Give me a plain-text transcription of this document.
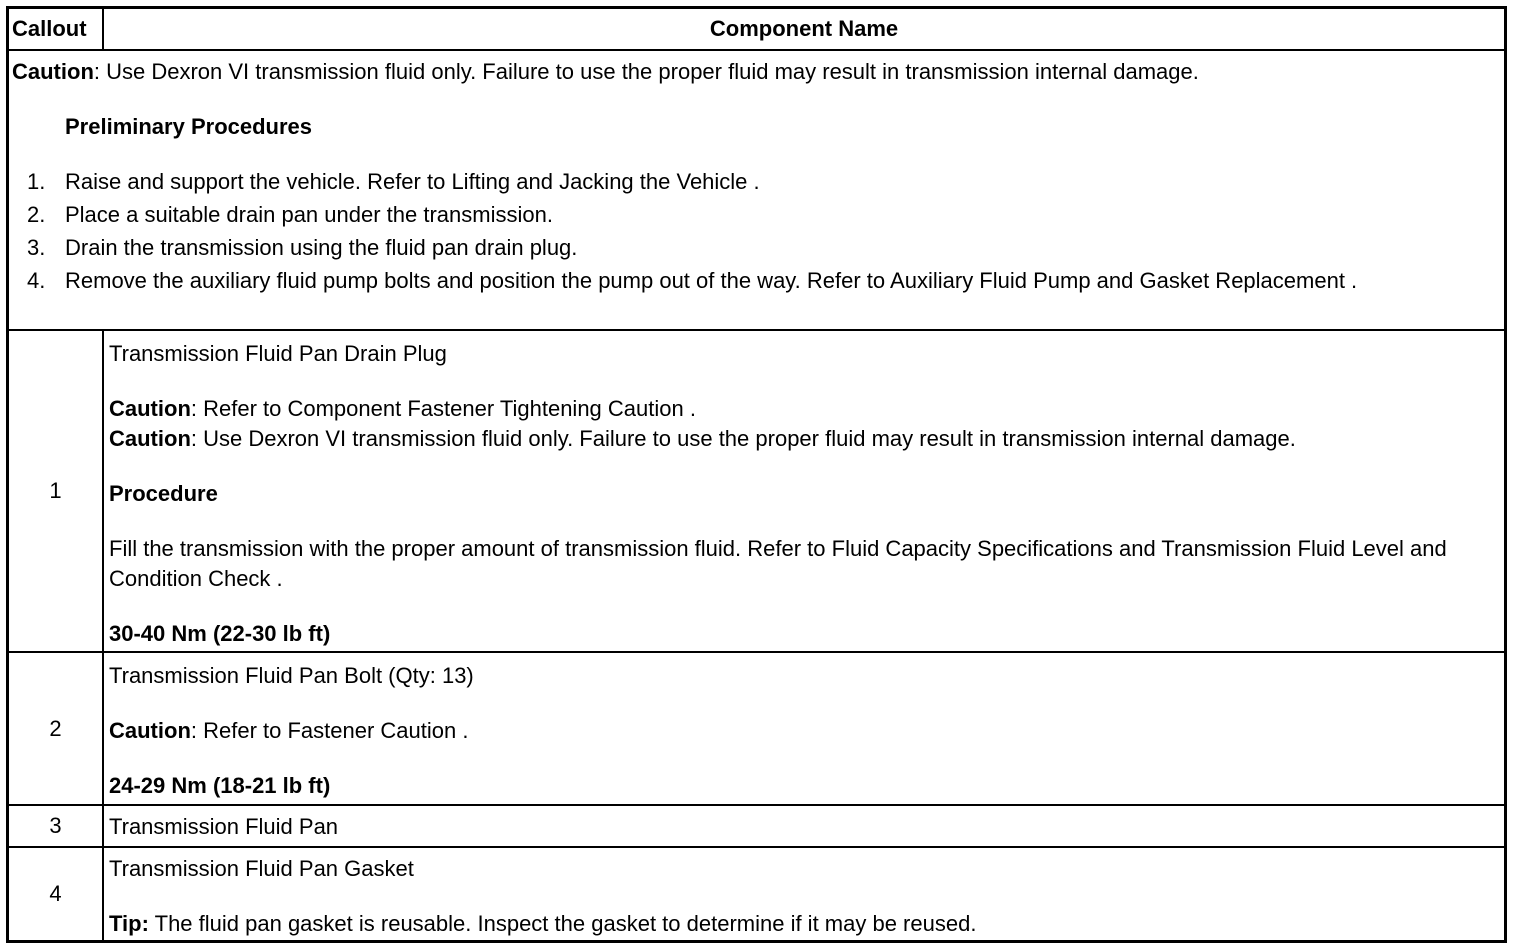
Callout	Component Name

Caution: Use Dexron VI transmission fluid only. Failure to use the proper fluid may result in transmission internal damage.

Preliminary Procedures

1. Raise and support the vehicle. Refer to Lifting and Jacking the Vehicle .
2. Place a suitable drain pan under the transmission.
3. Drain the transmission using the fluid pan drain plug.
4. Remove the auxiliary fluid pump bolts and position the pump out of the way. Refer to Auxiliary Fluid Pump and Gasket Replacement .
1

Transmission Fluid Pan Drain Plug

Caution: Refer to Component Fastener Tightening Caution .

Caution: Use Dexron VI transmission fluid only. Failure to use the proper fluid may result in transmission internal damage.

Procedure

Fill the transmission with the proper amount of transmission fluid. Refer to Fluid Capacity Specifications and Transmission Fluid Level and Condition Check .

30-40 Nm (22-30 lb ft)

2

Transmission Fluid Pan Bolt (Qty: 13)

Caution: Refer to Fastener Caution .

24-29 Nm (18-21 lb ft)

3	Transmission Fluid Pan

4

Transmission Fluid Pan Gasket

Tip: The fluid pan gasket is reusable. Inspect the gasket to determine if it may be reused.
